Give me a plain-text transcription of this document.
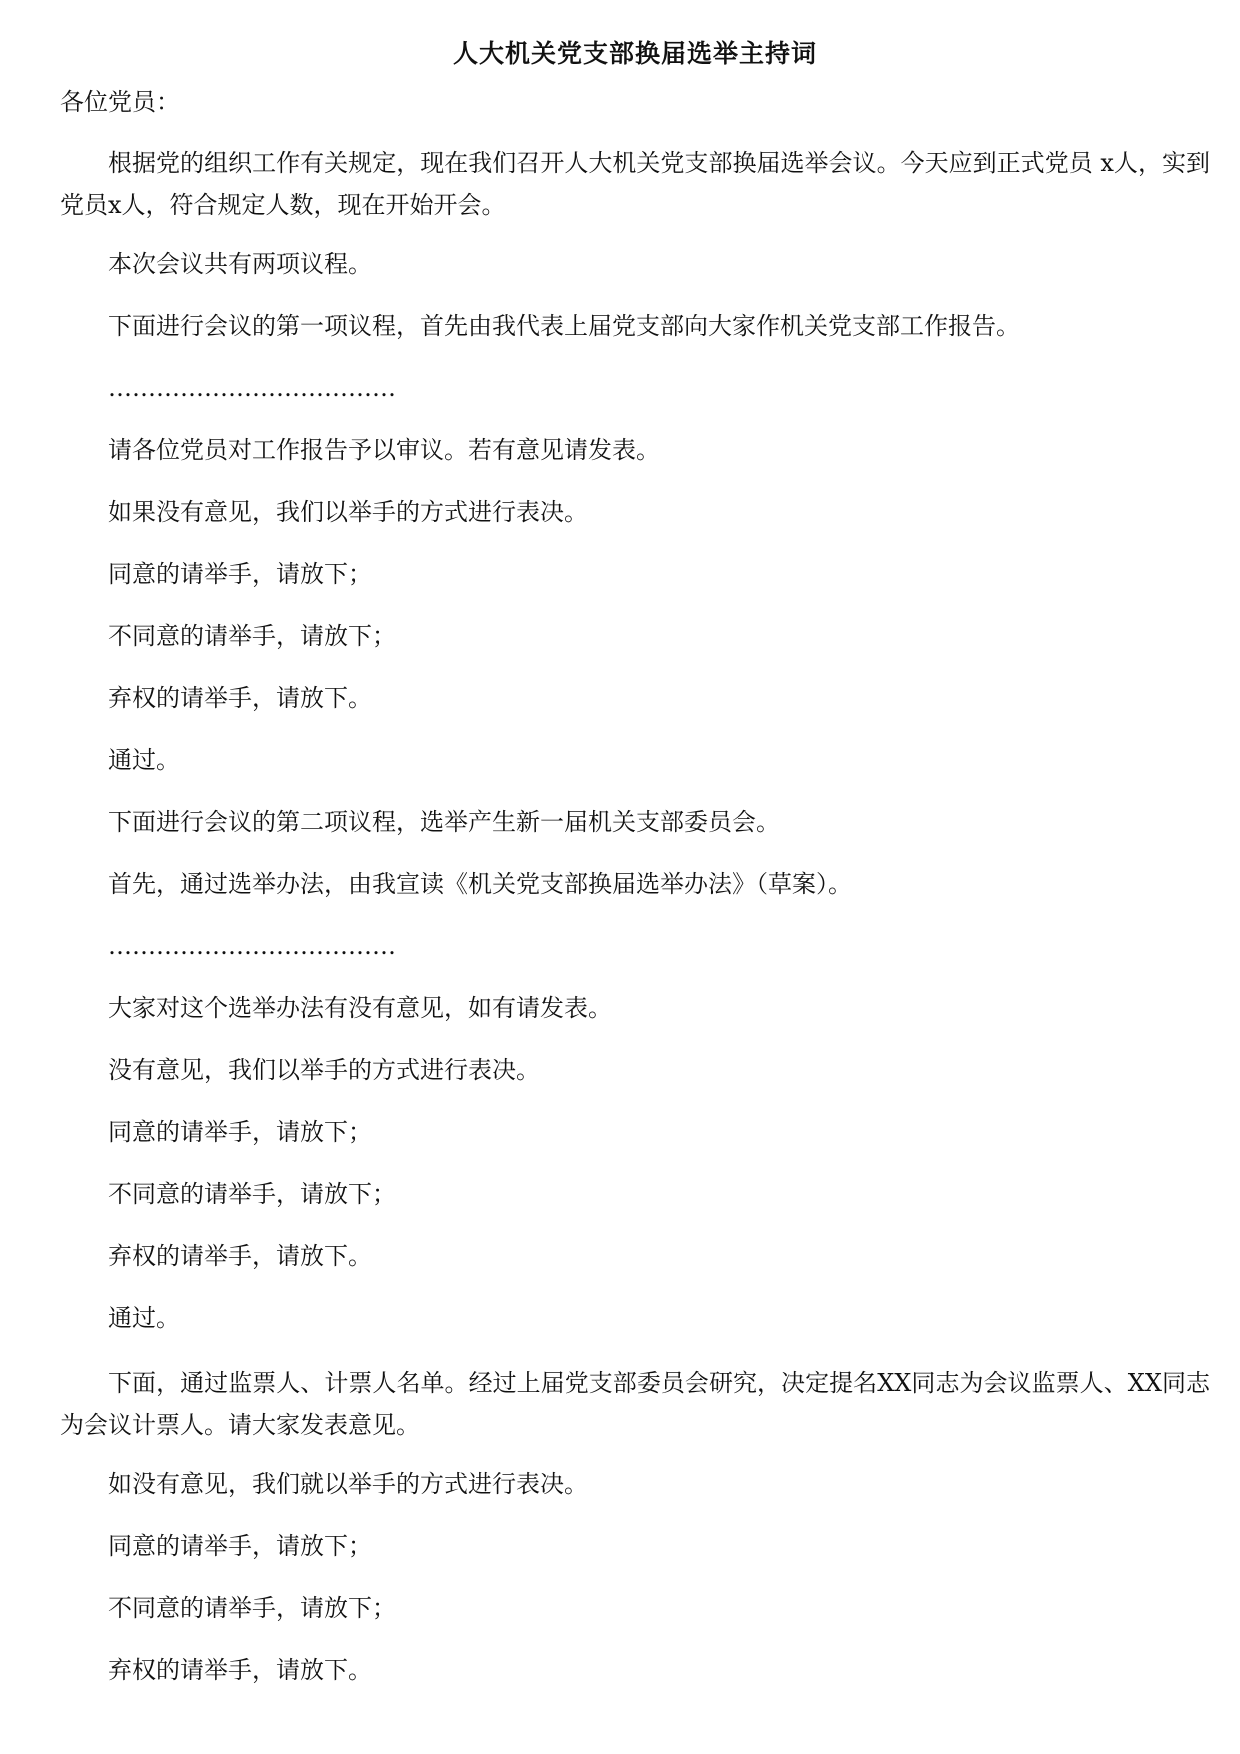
人大机关党支部换届选举主持词
各位党员：
根据党的组织工作有关规定，现在我们召开人大机关党支部换届选举会议。今天应到正式党员 x人，实到党员x人，符合规定人数，现在开始开会。
本次会议共有两项议程。
下面进行会议的第一项议程，首先由我代表上届党支部向大家作机关党支部工作报告。
………………………………
请各位党员对工作报告予以审议。若有意见请发表。
如果没有意见，我们以举手的方式进行表决。
同意的请举手，请放下；
不同意的请举手，请放下；
弃权的请举手，请放下。
通过。
下面进行会议的第二项议程，选举产生新一届机关支部委员会。
首先，通过选举办法，由我宣读《机关党支部换届选举办法》（草案）。
………………………………
大家对这个选举办法有没有意见，如有请发表。
没有意见，我们以举手的方式进行表决。
同意的请举手，请放下；
不同意的请举手，请放下；
弃权的请举手，请放下。
通过。
下面，通过监票人、计票人名单。经过上届党支部委员会研究，决定提名XX同志为会议监票人、XX同志为会议计票人。请大家发表意见。
如没有意见，我们就以举手的方式进行表决。
同意的请举手，请放下；
不同意的请举手，请放下；
弃权的请举手，请放下。
